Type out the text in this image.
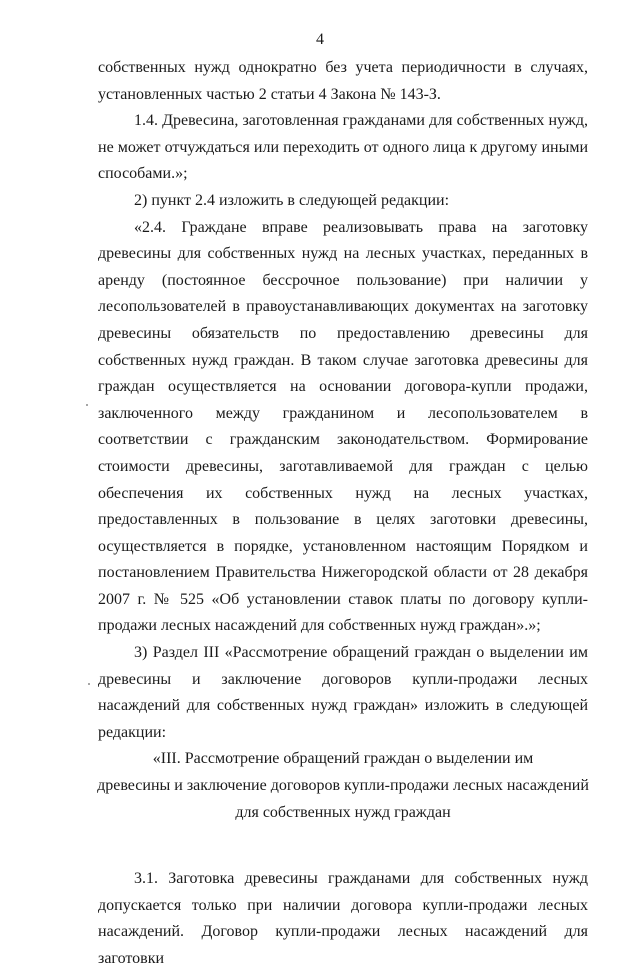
4

собственных нужд однократно без учета периодичности в случаях, установленных частью 2 статьи 4 Закона № 143-З.

1.4. Древесина, заготовленная гражданами для собственных нужд, не может отчуждаться или переходить от одного лица к другому иными способами.»;

2) пункт 2.4 изложить в следующей редакции:

«2.4. Граждане вправе реализовывать права на заготовку древесины для собственных нужд на лесных участках, переданных в аренду (постоянное бессрочное пользование) при наличии у лесопользователей в правоустанавливающих документах на заготовку древесины обязательств по предоставлению древесины для собственных нужд граждан. В таком случае заготовка древесины для граждан осуществляется на основании договора-купли продажи, заключенного между гражданином и лесопользователем в соответствии с гражданским законодательством. Формирование стоимости древесины, заготавливаемой для граждан с целью обеспечения их собственных нужд на лесных участках, предоставленных в пользование в целях заготовки древесины, осуществляется в порядке, установленном настоящим Порядком и постановлением Правительства Нижегородской области от 28 декабря 2007 г. № 525 «Об установлении ставок платы по договору купли-продажи лесных насаждений для собственных нужд граждан».»;

3) Раздел III «Рассмотрение обращений граждан о выделении им древесины и заключение договоров купли-продажи лесных насаждений для собственных нужд граждан» изложить в следующей редакции:

«III. Рассмотрение обращений граждан о выделении им

древесины и заключение договоров купли-продажи лесных насаждений

для собственных нужд граждан

3.1. Заготовка древесины гражданами для собственных нужд допускается только при наличии договора купли-продажи лесных насаждений. Договор купли-продажи лесных насаждений для заготовки
